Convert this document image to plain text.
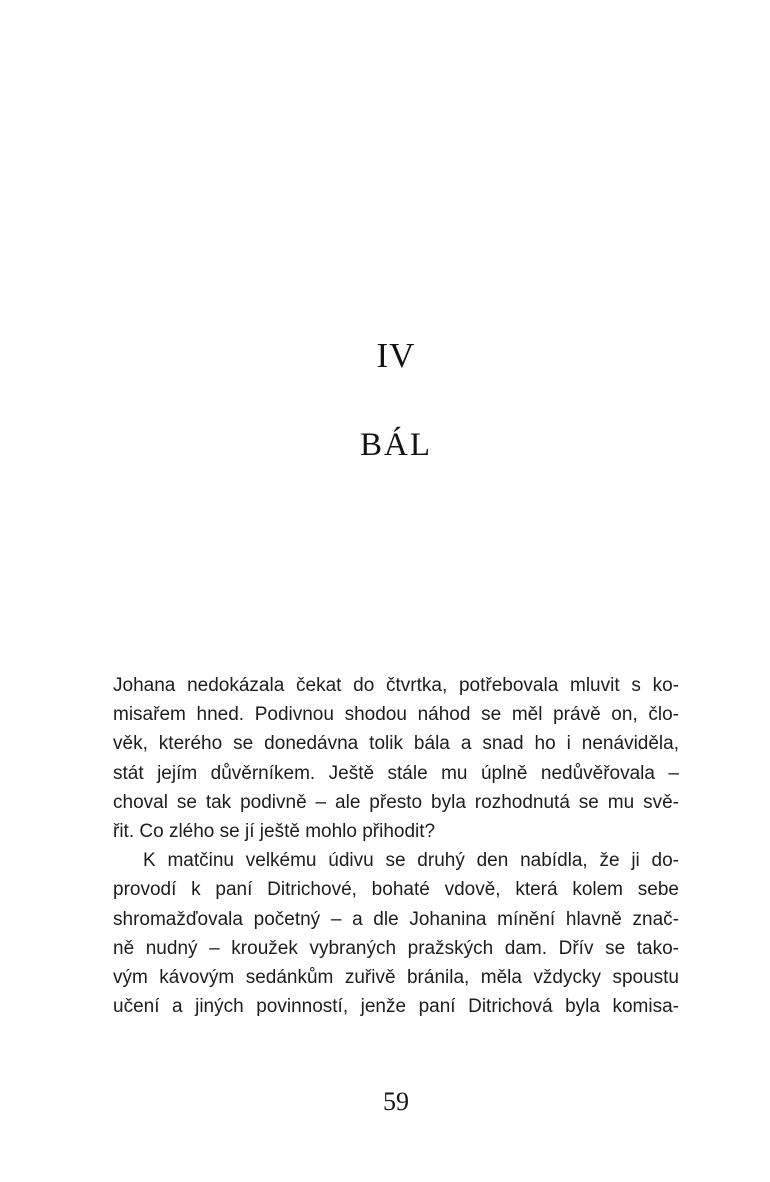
IV
BÁL
Johana nedokázala čekat do čtvrtka, potřebovala mluvit s ko-
misařem hned. Podivnou shodou náhod se měl právě on, člo-
věk, kterého se donedávna tolik bála a snad ho i nenáviděla,
stát jejím důvěrníkem. Ještě stále mu úplně nedůvěřovala –
choval se tak podivně – ale přesto byla rozhodnutá se mu svě-
řit. Co zlého se jí ještě mohlo přihodit?
K matčinu velkému údivu se druhý den nabídla, že ji do-
provodí k paní Ditrichové, bohaté vdově, která kolem sebe
shromažďovala početný – a dle Johanina mínění hlavně znač-
ně nudný – kroužek vybraných pražských dam. Dřív se tako-
vým kávovým sedánkům zuřivě bránila, měla vždycky spoustu
učení a jiných povinností, jenže paní Ditrichová byla komisa-
59
